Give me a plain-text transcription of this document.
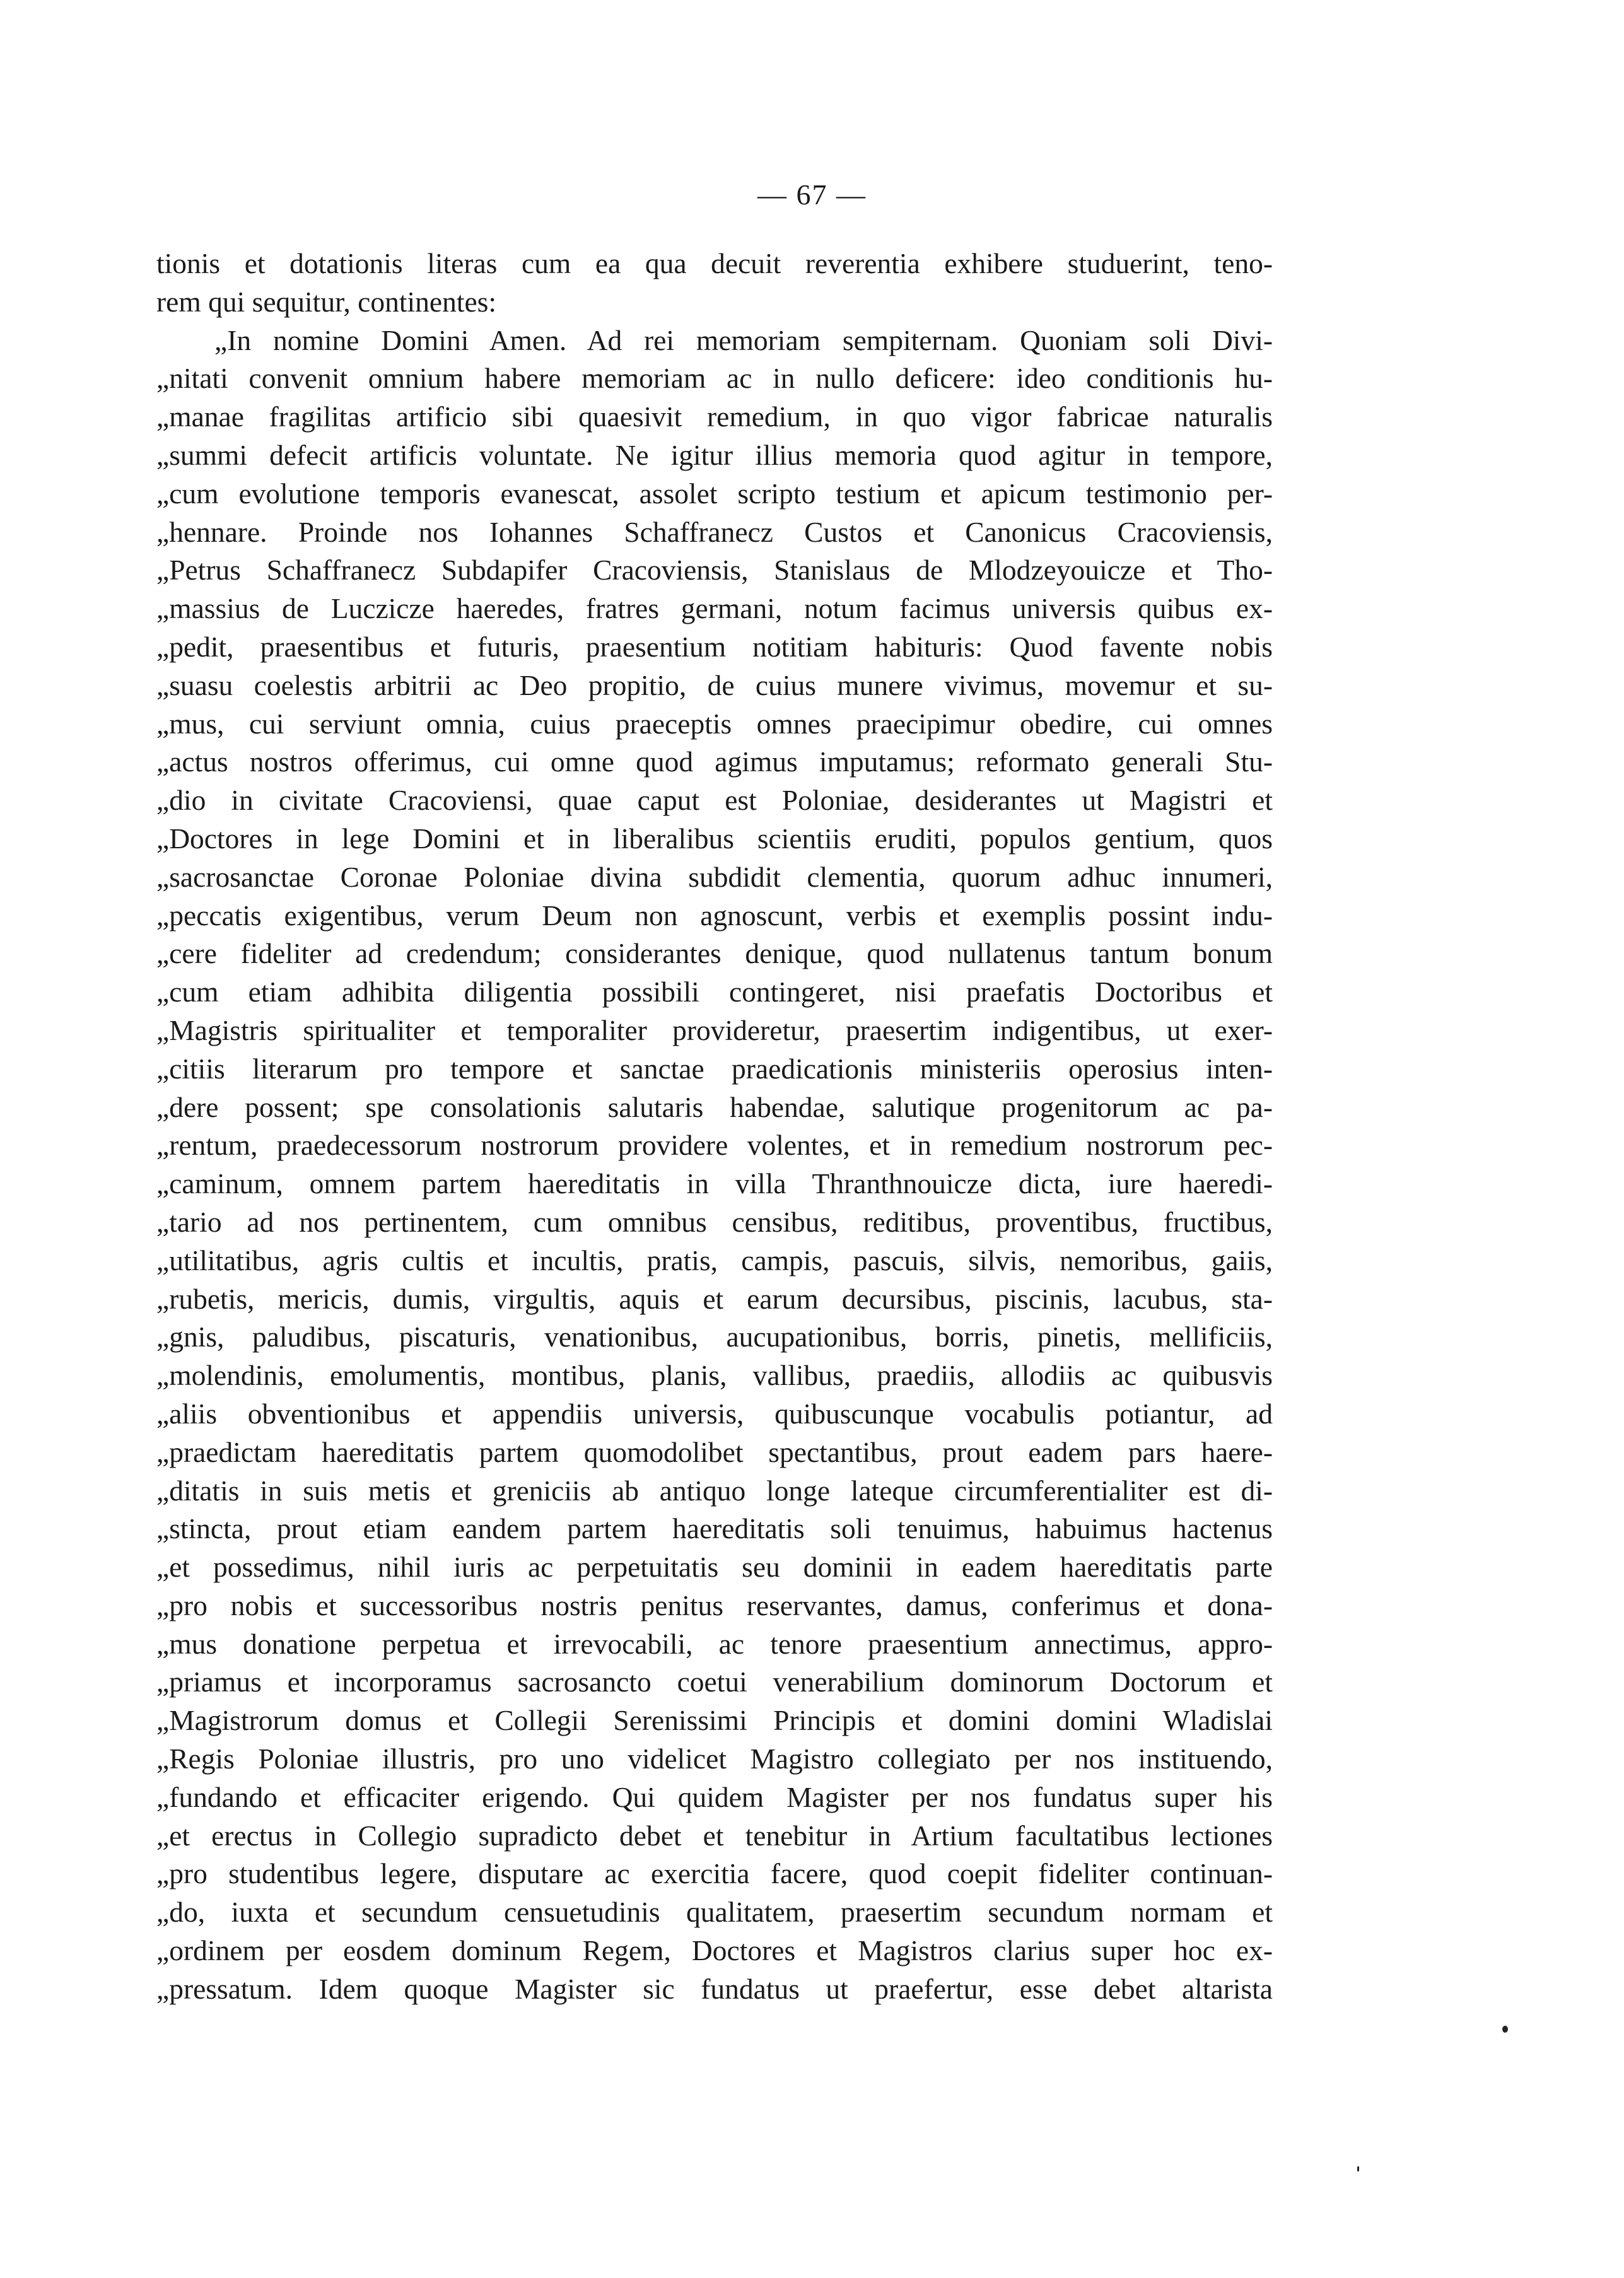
— 67 —
tionis et dotationis literas cum ea qua decuit reverentia exhibere studuerint, teno-
rem qui sequitur, continentes:
„In nomine Domini Amen. Ad rei memoriam sempiternam. Quoniam soli Divi-
„nitati convenit omnium habere memoriam ac in nullo deficere: ideo conditionis hu-
„manae fragilitas artificio sibi quaesivit remedium, in quo vigor fabricae naturalis
„summi defecit artificis voluntate. Ne igitur illius memoria quod agitur in tempore,
„cum evolutione temporis evanescat, assolet scripto testium et apicum testimonio per-
„hennare. Proinde nos Iohannes Schaffranecz Custos et Canonicus Cracoviensis,
„Petrus Schaffranecz Subdapifer Cracoviensis, Stanislaus de Mlodzeyouicze et Tho-
„massius de Luczicze haeredes, fratres germani, notum facimus universis quibus ex-
„pedit, praesentibus et futuris, praesentium notitiam habituris: Quod favente nobis
„suasu coelestis arbitrii ac Deo propitio, de cuius munere vivimus, movemur et su-
„mus, cui serviunt omnia, cuius praeceptis omnes praecipimur obedire, cui omnes
„actus nostros offerimus, cui omne quod agimus imputamus; reformato generali Stu-
„dio in civitate Cracoviensi, quae caput est Poloniae, desiderantes ut Magistri et
„Doctores in lege Domini et in liberalibus scientiis eruditi, populos gentium, quos
„sacrosanctae Coronae Poloniae divina subdidit clementia, quorum adhuc innumeri,
„peccatis exigentibus, verum Deum non agnoscunt, verbis et exemplis possint indu-
„cere fideliter ad credendum; considerantes denique, quod nullatenus tantum bonum
„cum etiam adhibita diligentia possibili contingeret, nisi praefatis Doctoribus et
„Magistris spiritualiter et temporaliter provideretur, praesertim indigentibus, ut exer-
„citiis literarum pro tempore et sanctae praedicationis ministeriis operosius inten-
„dere possent; spe consolationis salutaris habendae, salutique progenitorum ac pa-
„rentum, praedecessorum nostrorum providere volentes, et in remedium nostrorum pec-
„caminum, omnem partem haereditatis in villa Thranthnouicze dicta, iure haeredi-
„tario ad nos pertinentem, cum omnibus censibus, reditibus, proventibus, fructibus,
„utilitatibus, agris cultis et incultis, pratis, campis, pascuis, silvis, nemoribus, gaiis,
„rubetis, mericis, dumis, virgultis, aquis et earum decursibus, piscinis, lacubus, sta-
„gnis, paludibus, piscaturis, venationibus, aucupationibus, borris, pinetis, mellificiis,
„molendinis, emolumentis, montibus, planis, vallibus, praediis, allodiis ac quibusvis
„aliis obventionibus et appendiis universis, quibuscunque vocabulis potiantur, ad
„praedictam haereditatis partem quomodolibet spectantibus, prout eadem pars haere-
„ditatis in suis metis et greniciis ab antiquo longe lateque circumferentialiter est di-
„stincta, prout etiam eandem partem haereditatis soli tenuimus, habuimus hactenus
„et possedimus, nihil iuris ac perpetuitatis seu dominii in eadem haereditatis parte
„pro nobis et successoribus nostris penitus reservantes, damus, conferimus et dona-
„mus donatione perpetua et irrevocabili, ac tenore praesentium annectimus, appro-
„priamus et incorporamus sacrosancto coetui venerabilium dominorum Doctorum et
„Magistrorum domus et Collegii Serenissimi Principis et domini domini Wladislai
„Regis Poloniae illustris, pro uno videlicet Magistro collegiato per nos instituendo,
„fundando et efficaciter erigendo. Qui quidem Magister per nos fundatus super his
„et erectus in Collegio supradicto debet et tenebitur in Artium facultatibus lectiones
„pro studentibus legere, disputare ac exercitia facere, quod coepit fideliter continuan-
„do, iuxta et secundum censuetudinis qualitatem, praesertim secundum normam et
„ordinem per eosdem dominum Regem, Doctores et Magistros clarius super hoc ex-
„pressatum. Idem quoque Magister sic fundatus ut praefertur, esse debet altarista
